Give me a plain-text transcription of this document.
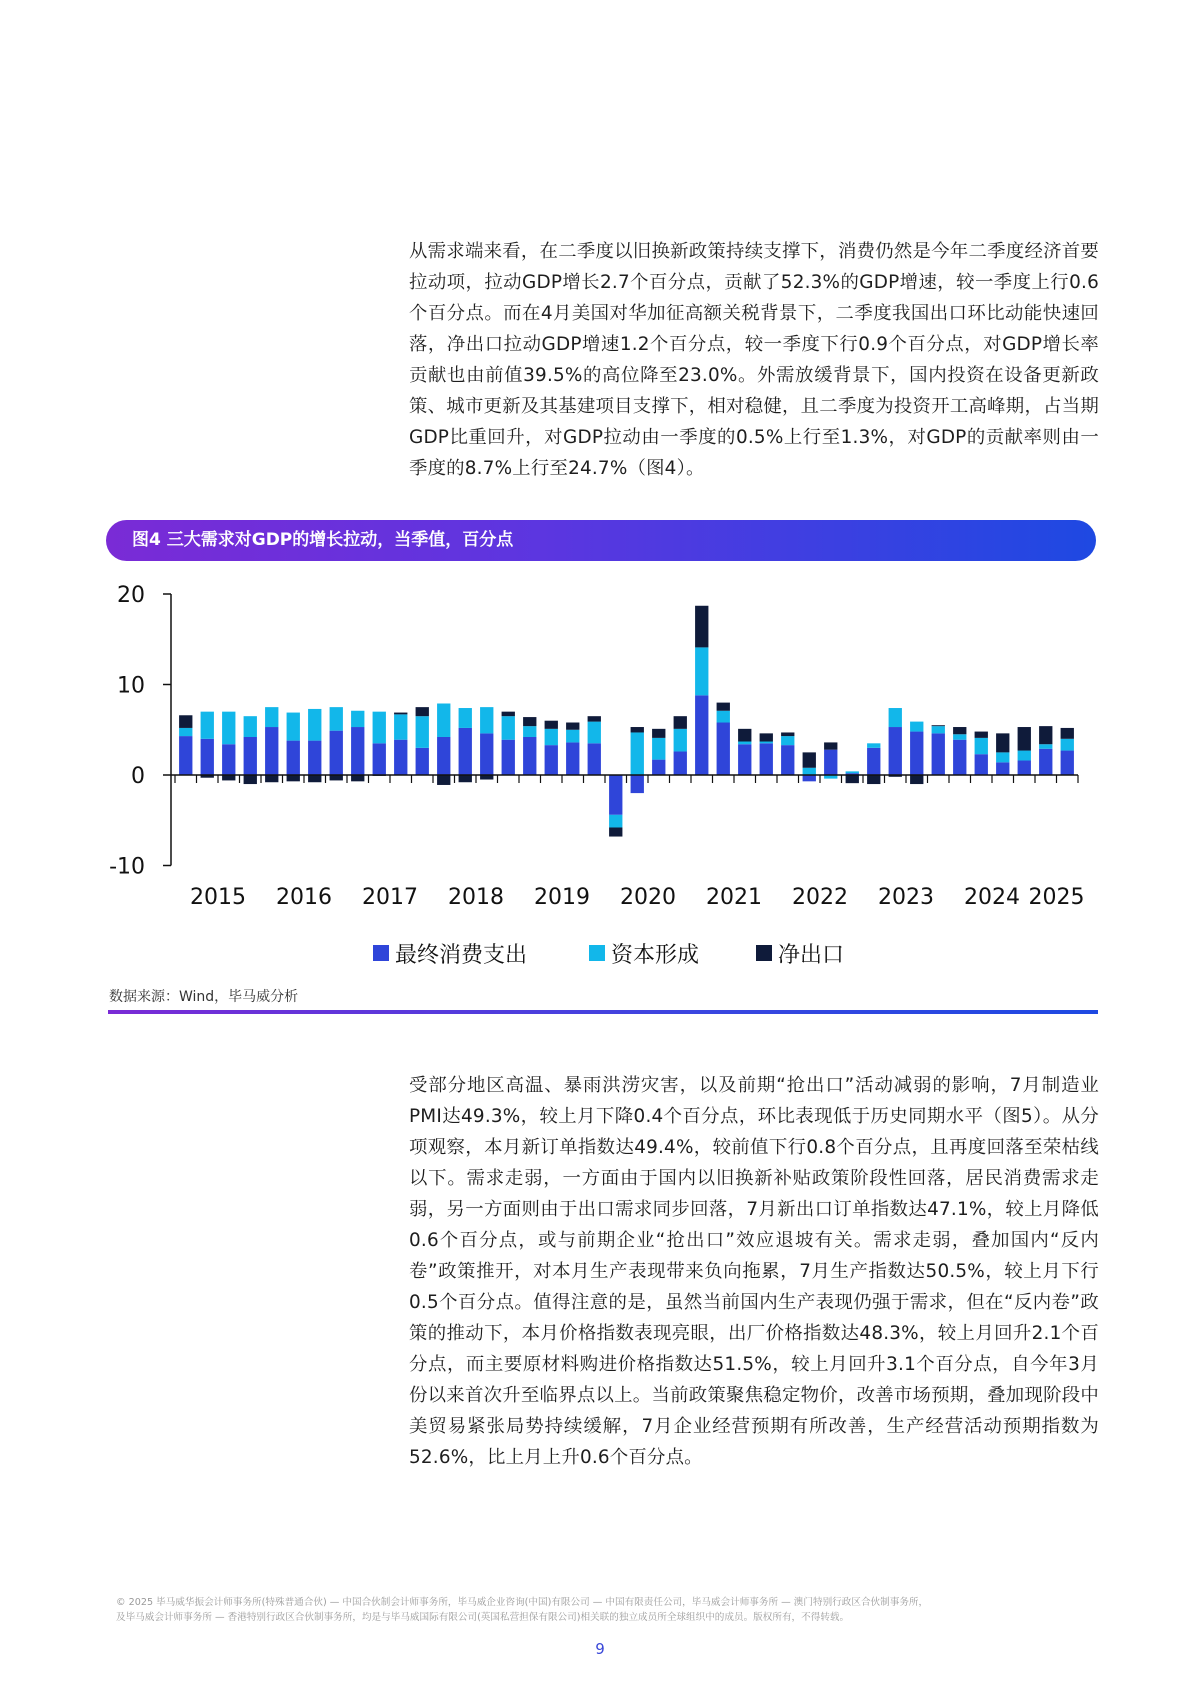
从需求端来看，在二季度以旧换新政策持续支撑下，消费仍然是今年二季度经济首要拉动项，拉动GDP增长2.7个百分点，贡献了52.3%的GDP增速，较一季度上行0.6个百分点。而在4月美国对华加征高额关税背景下，二季度我国出口环比动能快速回落，净出口拉动GDP增速1.2个百分点，较一季度下行0.9个百分点，对GDP增长率贡献也由前值39.5%的高位降至23.0%。外需放缓背景下，国内投资在设备更新政策、城市更新及其基建项目支撑下，相对稳健，且二季度为投资开工高峰期，占当期GDP比重回升，对GDP拉动由一季度的0.5%上行至1.3%，对GDP的贡献率则由一季度的8.7%上行至24.7%（图4）。

图4 三大需求对GDP的增长拉动，当季值，百分点
20
10
0
-10
2015 2016 2017 2018 2019 2020 2021 2022 2023 2024 2025
最终消费支出	资本形成	净出口
数据来源：Wind，毕马威分析

受部分地区高温、暴雨洪涝灾害，以及前期“抢出口”活动减弱的影响，7月制造业PMI达49.3%，较上月下降0.4个百分点，环比表现低于历史同期水平（图5）。从分项观察，本月新订单指数达49.4%，较前值下行0.8个百分点，且再度回落至荣枯线以下。需求走弱，一方面由于国内以旧换新补贴政策阶段性回落，居民消费需求走弱，另一方面则由于出口需求同步回落，7月新出口订单指数达47.1%，较上月降低0.6个百分点，或与前期企业“抢出口”效应退坡有关。需求走弱，叠加国内“反内卷”政策推开，对本月生产表现带来负向拖累，7月生产指数达50.5%，较上月下行0.5个百分点。值得注意的是，虽然当前国内生产表现仍强于需求，但在“反内卷”政策的推动下，本月价格指数表现亮眼，出厂价格指数达48.3%，较上月回升2.1个百分点，而主要原材料购进价格指数达51.5%，较上月回升3.1个百分点，自今年3月份以来首次升至临界点以上。当前政策聚焦稳定物价，改善市场预期，叠加现阶段中美贸易紧张局势持续缓解，7月企业经营预期有所改善，生产经营活动预期指数为52.6%，比上月上升0.6个百分点。

© 2025 毕马威华振会计师事务所(特殊普通合伙) — 中国合伙制会计师事务所，毕马威企业咨询(中国)有限公司 — 中国有限责任公司，毕马威会计师事务所 — 澳门特别行政区合伙制事务所，
及毕马威会计师事务所 — 香港特别行政区合伙制事务所，均是与毕马威国际有限公司(英国私营担保有限公司)相关联的独立成员所全球组织中的成员。版权所有，不得转载。
9
